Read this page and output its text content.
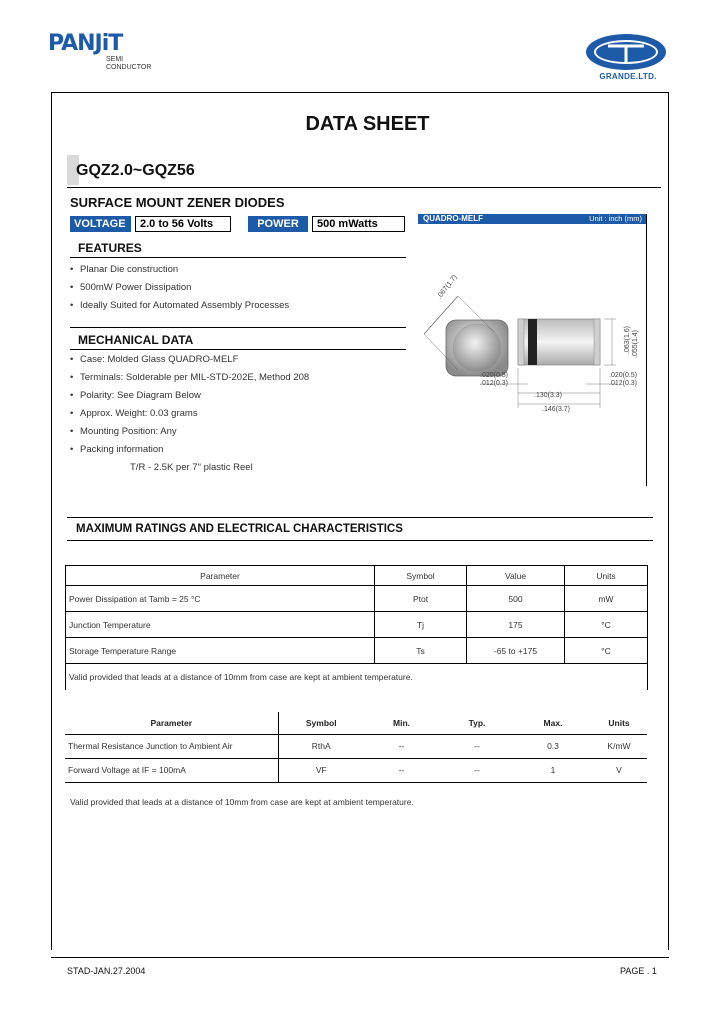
PANJiT
SEMI
CONDUCTOR
GRANDE.LTD.
DATA SHEET
GQZ2.0~GQZ56
SURFACE MOUNT ZENER DIODES
VOLTAGE	2.0 to 56 Volts	POWER	500 mWatts
FEATURES
• Planar Die construction
• 500mW Power Dissipation
• Ideally Suited for Automated Assembly Processes
MECHANICAL DATA
• Case: Molded Glass QUADRO-MELF
• Terminals: Solderable per MIL-STD-202E, Method 208
• Polarity: See Diagram Below
• Approx. Weight: 0.03 grams
• Mounting Position: Any
• Packing information
T/R - 2.5K per 7" plastic Reel
QUADRO-MELF	Unit : inch (mm)
.067(1.7)
.020(0.5)
.012(0.3)
.020(0.5)
.012(0.3)
.063(1.6) .055(1.4)
.130(3.3)
.146(3.7)
MAXIMUM RATINGS AND ELECTRICAL CHARACTERISTICS
Parameter	Symbol	Value	Units
Power Dissipation at Tamb = 25 °C	Ptot	500	mW
Junction Temperature	Tj	175	°C
Storage Temperature Range	Ts	-65 to +175	°C
Valid provided that leads at a distance of 10mm from case are kept at ambient temperature.			
Parameter	Symbol	Min.	Typ.	Max.	Units
Thermal Resistance Junction to Ambient Air	RthA	--	--	0.3	K/mW
Forward Voltage at IF = 100mA	VF	--	--	1	V
Valid provided that leads at a distance of 10mm from case are kept at ambient temperature.
STAD-JAN.27.2004	PAGE . 1
